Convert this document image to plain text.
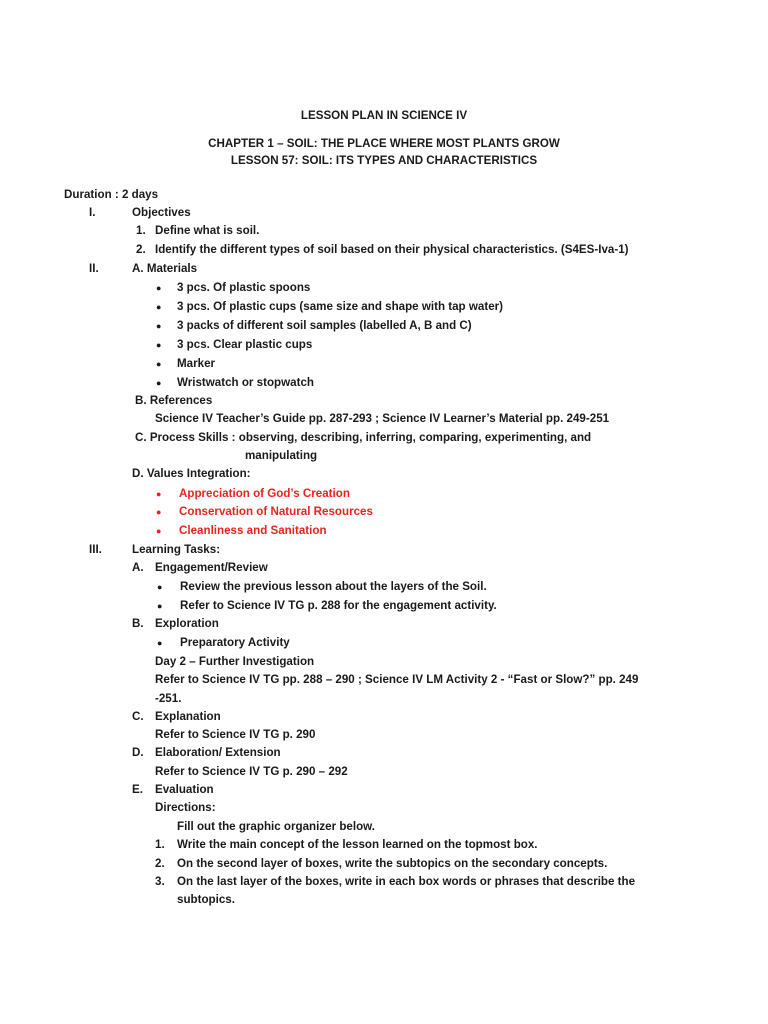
LESSON PLAN IN SCIENCE IV
CHAPTER 1 – SOIL: THE PLACE WHERE MOST PLANTS GROW
LESSON 57: SOIL: ITS TYPES AND CHARACTERISTICS
Duration : 2 days
I.	Objectives
1. Define what is soil.
2. Identify the different types of soil based on their physical characteristics. (S4ES-Iva-1)
II.	A. Materials
● 3 pcs. Of plastic spoons
● 3 pcs. Of plastic cups (same size and shape with tap water)
● 3 packs of different soil samples (labelled A, B and C)
● 3 pcs. Clear plastic cups
● Marker
● Wristwatch or stopwatch
B. References
Science IV Teacher’s Guide pp. 287-293 ; Science IV Learner’s Material pp. 249-251
C. Process Skills : observing, describing, inferring, comparing, experimenting, and
manipulating
D. Values Integration:
● Appreciation of God’s Creation
● Conservation of Natural Resources
● Cleanliness and Sanitation
III.	Learning Tasks:
A. Engagement/Review
● Review the previous lesson about the layers of the Soil.
● Refer to Science IV TG p. 288 for the engagement activity.
B. Exploration
● Preparatory Activity
Day 2 – Further Investigation
Refer to Science IV TG pp. 288 – 290 ; Science IV LM Activity 2 - “Fast or Slow?” pp. 249
-251.
C. Explanation
Refer to Science IV TG p. 290
D. Elaboration/ Extension
Refer to Science IV TG p. 290 – 292
E. Evaluation
Directions:
Fill out the graphic organizer below.
1. Write the main concept of the lesson learned on the topmost box.
2. On the second layer of boxes, write the subtopics on the secondary concepts.
3. On the last layer of the boxes, write in each box words or phrases that describe the
subtopics.
